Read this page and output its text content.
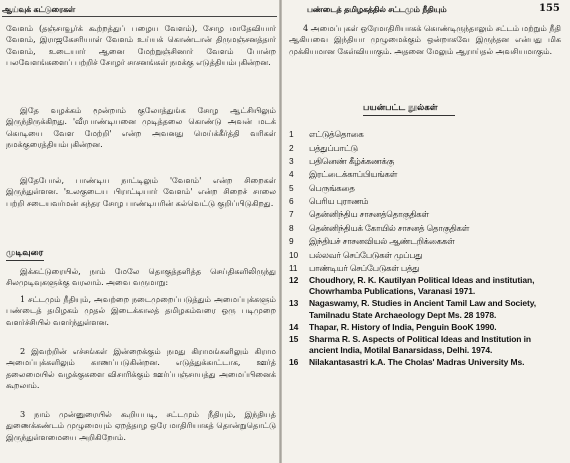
ஆய்வுக் கட்டுரைகள்
வேளம் (தஞ்சாவூர்க் கூற்றத்துப் பழைய வேளம்), சோழ மாதேவியார் வேளம், இராஜகேசரியாள் வேளம் உய்யக் கொண்டான் திருமஞ்சனத்தார் வேளம், உடையார் ஆனை மேற்றுஞ்சினார் வேளம் போன்ற பலவேளங்களைப் பற்றிச் சோழர் சாசனங்கள் நமக்கு எடுத்தியம்புகின்றன.
இதே வழக்கம் மூன்றாம் குலோத்துங்க சோழ ஆட்சியிலும் இருந்திருக்கிறது. 'வீரபாண்டியனை முடித்தலை கொண்டு அவன் மடக் கொடியை வேள மேற்றி' என்ற அவனது மெய்க்கீர்த்தி வரிகள் நமக்குரைத்தியம்புகின்றன.
இதேபோல், பாண்டிய நாட்டிலும் 'வேளம்' என்ற சிறைகள் இருந்துள்ளன. 'உலகுடைய பிராட்டியார் வேளம்' என்ற சிறைச் சாலை பற்றி சடையவர்மன் சுந்தர சோழ பாண்டியரின் கல்வெட்டு குறிப்பிடுகிறது.
முடிவுரை
இக்கட்டுரையில், நாம் மேலே தொகுத்தளித்த செய்திகளிலிருந்து சிலமுடிவுகளுக்கு வரலாம். அவை வருமாறு:
1 சட்டமும் நீதியும், அவற்றை நடைமுறைப்படுத்தும் அமைப்புக்களும் பண்டைத் தமிழகம் முதல் இடைக்காலத் தமிழகம்வரை ஒரு படிமுறை வளர்ச்சியில் வளர்ந்துள்ளன.
2 இவற்றின் எச்சங்கள் இன்றைக்கும் நமது கிராமங்களிலும் கிராம அமைப்புக்களிலும் காணப்படுகின்றன. எடுத்துக்காட்டாக, ஊர்த் தலைமையில் வழக்குகளை விசாரிக்கும் ஊர்ப்பஞ்சாயத்து அமைப்பினைக் கூறலாம்.
3 நாம் முன்னுரையில் கூறியபடி, சட்டமும் நீதியும், இந்தியத் துணைக்கண்டம் முழுமையும் ஏறத்தாழ ஒரே மாதிரியாகத் தொன்றுதொட்டு இருந்துள்ளமையை அறிகிறோம்.
பண்டைத் தமிழகத்தில் சட்டமும் நீதியும்	155
4 அமைப்புகள் ஒரேமாதிரியாகக் கொண்டிருந்தாலும் சட்டம் மற்றும் நீதி ஆகியவை இந்தியா முழுமைக்கும் ஒன்றாகவே இருந்தன என்பது மிக முக்கியமான கேள்வியாகும். அதனை மேலும் ஆராய்தல் அவசியமாகும்.
பயன்பட்ட நூல்கள்
1	எட்டுத்தொகை
2	பத்துப்பாட்டு
3	பதினெண் கீழ்க்கணக்கு
4	இரட்டைக்காப்பியங்கள்
5	பெருங்கதை
6	பெரிய புராணம்
7	தென்னிந்திய சாசனத்தொகுதிகள்
8	தென்னிந்தியக் கோயில் சாசனத் தொகுதிகள்
9	இந்தியச் சாசனவியல் ஆண்டறிக்கைகள்
10	பல்லவர் செப்பேடுகள் முப்பது
11	பாண்டியர் செப்பேடுகள் பத்து
12	Choudhory, R. K. Kautilyan Political Ideas and institutian, Chowrhamba Publications, Varanasi 1971.
13	Nagaswamy, R. Studies in Ancient Tamil Law and Society, Tamilnadu State Archaeology Dept Ms. 28 1978.
14	Thapar, R. History of India, Penguin BooK 1990.
15	Sharma R. S. Aspects of Political Ideas and Institution in ancient India, Motilal Banarsidass, Delhi. 1974.
16	Nilakantasastri k.A. The Cholas' Madras University Ms.
